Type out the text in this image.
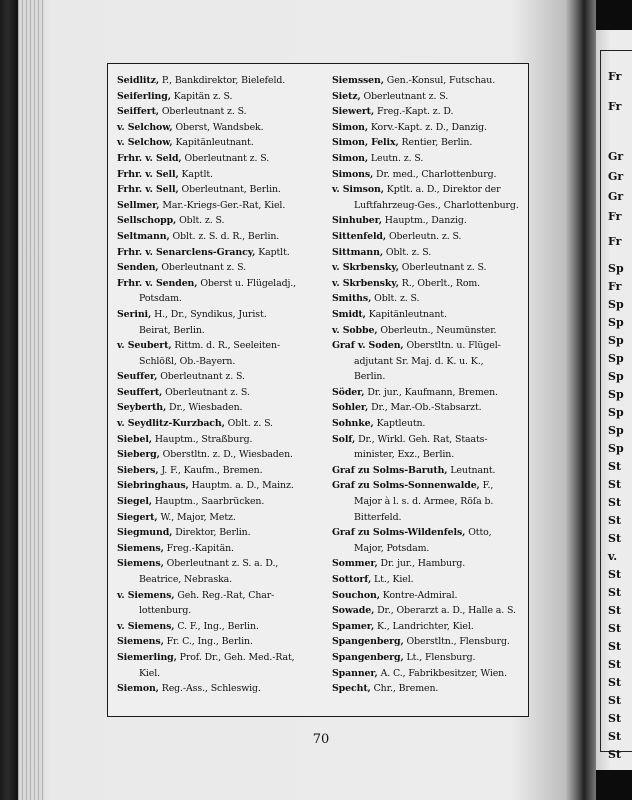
Fr
Fr
Gr
Gr
Gr
Fr
Fr
Sp
Fr
Sp
Sp
Sp
Sp
Sp
Sp
Sp
Sp
Sp
St
St
St
St
St
v.
St
St
St
St
St
St
St
St
St
St
St
Seidlitz, P., Bankdirektor, Bielefeld.
Seiferling, Kapitän z. S.
Seiffert, Oberleutnant z. S.
v. Selchow, Oberst, Wandsbek.
v. Selchow, Kapitänleutnant.
Frhr. v. Seld, Oberleutnant z. S.
Frhr. v. Sell, Kaptlt.
Frhr. v. Sell, Oberleutnant, Berlin.
Sellmer, Mar.-Kriegs-Ger.-Rat, Kiel.
Sellschopp, Oblt. z. S.
Seltmann, Oblt. z. S. d. R., Berlin.
Frhr. v. Senarclens-Grancy, Kaptlt.
Senden, Oberleutnant z. S.
Frhr. v. Senden, Oberst u. Flügeladj.,
Potsdam.
Serini, H., Dr., Syndikus, Jurist.
Beirat, Berlin.
v. Seubert, Rittm. d. R., Seeleiten-
Schlößl, Ob.-Bayern.
Seuffer, Oberleutnant z. S.
Seuffert, Oberleutnant z. S.
Seyberth, Dr., Wiesbaden.
v. Seydlitz-Kurzbach, Oblt. z. S.
Siebel, Hauptm., Straßburg.
Sieberg, Oberstltn. z. D., Wiesbaden.
Siebers, J. F., Kaufm., Bremen.
Siebringhaus, Hauptm. a. D., Mainz.
Siegel, Hauptm., Saarbrücken.
Siegert, W., Major, Metz.
Siegmund, Direktor, Berlin.
Siemens, Freg.-Kapitän.
Siemens, Oberleutnant z. S. a. D.,
Beatrice, Nebraska.
v. Siemens, Geh. Reg.-Rat, Char-
lottenburg.
v. Siemens, C. F., Ing., Berlin.
Siemens, Fr. C., Ing., Berlin.
Siemerling, Prof. Dr., Geh. Med.-Rat,
Kiel.
Siemon, Reg.-Ass., Schleswig.
Siemssen, Gen.-Konsul, Futschau.
Sietz, Oberleutnant z. S.
Siewert, Freg.-Kapt. z. D.
Simon, Korv.-Kapt. z. D., Danzig.
Simon, Felix, Rentier, Berlin.
Simon, Leutn. z. S.
Simons, Dr. med., Charlottenburg.
v. Simson, Kptlt. a. D., Direktor der
Luftfahrzeug-Ges., Charlottenburg.
Sinhuber, Hauptm., Danzig.
Sittenfeld, Oberleutn. z. S.
Sittmann, Oblt. z. S.
v. Skrbensky, Oberleutnant z. S.
v. Skrbensky, R., Oberlt., Rom.
Smiths, Oblt. z. S.
Smidt, Kapitänleutnant.
v. Sobbe, Oberleutn., Neumünster.
Graf v. Soden, Oberstltn. u. Flügel-
adjutant Sr. Maj. d. K. u. K.,
Berlin.
Söder, Dr. jur., Kaufmann, Bremen.
Sohler, Dr., Mar.-Ob.-Stabsarzt.
Sohnke, Kaptleutn.
Solf, Dr., Wirkl. Geh. Rat, Staats-
minister, Exz., Berlin.
Graf zu Solms-Baruth, Leutnant.
Graf zu Solms-Sonnenwalde, F.,
Major à l. s. d. Armee, Röſa b.
Bitterfeld.
Graf zu Solms-Wildenfels, Otto,
Major, Potsdam.
Sommer, Dr. jur., Hamburg.
Sottorf, Lt., Kiel.
Souchon, Kontre-Admiral.
Sowade, Dr., Oberarzt a. D., Halle a. S.
Spamer, K., Landrichter, Kiel.
Spangenberg, Oberstltn., Flensburg.
Spangenberg, Lt., Flensburg.
Spanner, A. C., Fabrikbesitzer, Wien.
Specht, Chr., Bremen.
70
